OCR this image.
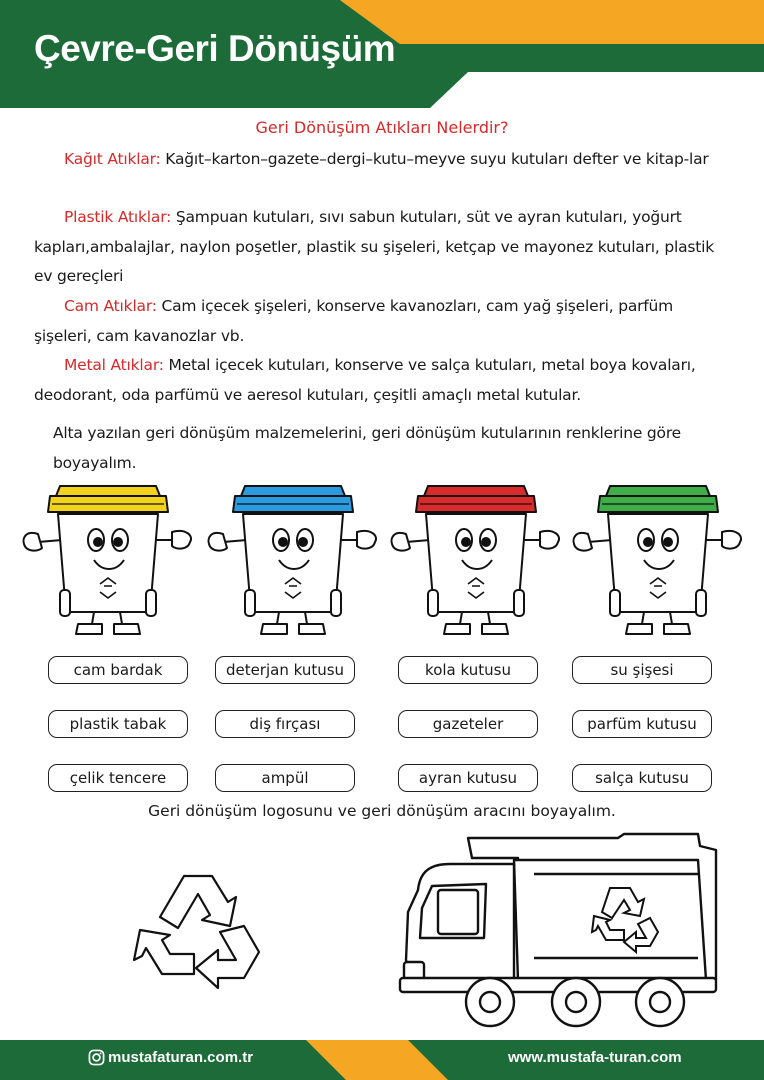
Çevre-Geri Dönüşüm
Geri Dönüşüm Atıkları Nelerdir?
Kağıt Atıklar: Kağıt–karton–gazete–dergi–kutu–meyve suyu kutuları defter ve kitap-lar
Plastik Atıklar: Şampuan kutuları, sıvı sabun kutuları, süt ve ayran kutuları, yoğurt kapları,ambalajlar, naylon poşetler, plastik su şişeleri, ketçap ve mayonez kutuları, plastik ev gereçleri
Cam Atıklar: Cam içecek şişeleri, konserve kavanozları, cam yağ şişeleri, parfüm şişeleri, cam kavanozlar vb.
Metal Atıklar: Metal içecek kutuları, konserve ve salça kutuları, metal boya kovaları, deodorant, oda parfümü ve aeresol kutuları, çeşitli amaçlı metal kutular.
Alta yazılan geri dönüşüm malzemelerini, geri dönüşüm kutularının renklerine göre boyayalım.
cam bardak	deterjan kutusu	kola kutusu	su şişesi
plastik tabak	diş fırçası	gazeteler	parfüm kutusu
çelik tencere	ampül	ayran kutusu	salça kutusu
Geri dönüşüm logosunu ve geri dönüşüm aracını boyayalım.
mustafaturan.com.tr	www.mustafa-turan.com
